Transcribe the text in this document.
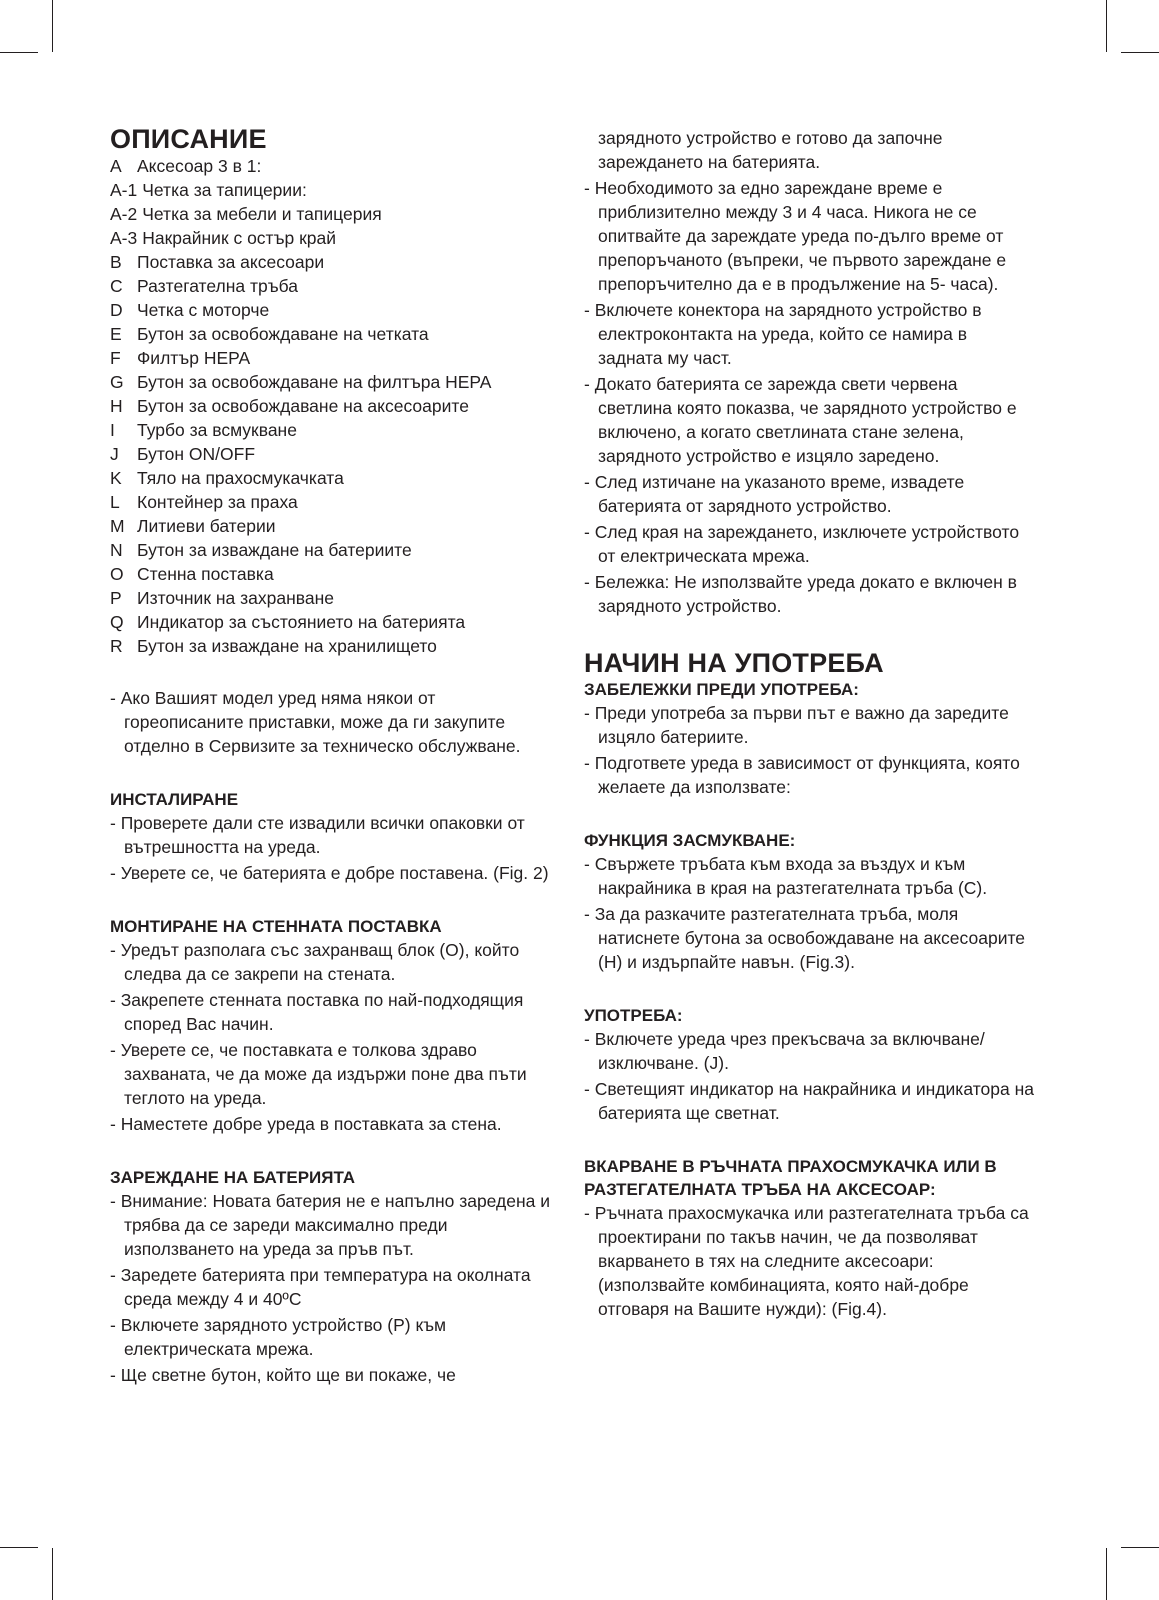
ОПИСАНИЕ
A Аксесоар 3 в 1:
A-1 Четка за тапицерии:
A-2 Четка за мебели и тапицерия
A-3 Накрайник с остър край
B Поставка за аксесоари
C Разтегателна тръба
D Четка с моторче
E Бутон за освобождаване на четката
F Филтър HEPA
G Бутон за освобождаване на филтъра HEPA
H Бутон за освобождаване на аксесоарите
I	Турбо за всмукване
J	Бутон ON/OFF
K Тяло на прахосмукачката
L Контейнер за праха
M Литиеви батерии
N Бутон за изваждане на батериите
O Стенна поставка
P Източник на захранване
Q Индикатор за състоянието на батерията
R Бутон за изваждане на хранилището

- Ако Вашият модел уред няма някои от гореописаните приставки, може да ги закупите отделно в Сервизите за техническо обслужване.

ИНСТАЛИРАНЕ

- Проверете дали сте извадили всички опаковки от вътрешността на уреда.

- Уверете се, че батерията е добре поставена. (Fig. 2)

МОНТИРАНЕ НА СТЕННАТА ПОСТАВКА

- Уредът разполага със захранващ блок (O), който следва да се закрепи на стената.

- Закрепете стенната поставка по най-подходящия според Вас начин.

- Уверете се, че поставката е толкова здраво захваната, че да може да издържи поне два пъти теглото на уреда.

- Наместете добре уреда в поставката за стена.

ЗАРЕЖДАНЕ НА БАТЕРИЯТА

- Внимание: Новата батерия не е напълно заредена и трябва да се зареди максимално преди използването на уреда за пръв път.

- Заредете батерията при температура на околната среда между 4 и 40ºC

- Включете зарядното устройство (P) към електрическата мрежа.

- Ще светне бутон, който ще ви покаже, че

зарядното устройство е готово да започне зареждането на батерията.

- Необходимото за едно зареждане време е приблизително между 3 и 4 часа. Никога не се опитвайте да зареждате уреда по-дълго време от препоръчаното (въпреки, че първото зареждане е препоръчително да е в продължение на 5- часа).

- Включете конектора на зарядното устройство в електроконтакта на уреда, който се намира в задната му част.

- Докато батерията се зарежда свети червена светлина която показва, че зарядното устройство е включено, а когато светлината стане зелена, зарядното устройство е изцяло заредено.

- След изтичане на указаното време, извадете батерията от зарядното устройство.

- След края на зареждането, изключете устройството от електрическата мрежа.

- Бележка: Не използвайте уреда докато е включен в зарядното устройство.

НАЧИН НА УПОТРЕБА
ЗАБЕЛЕЖКИ ПРЕДИ УПОТРЕБА:

- Преди употреба за първи път е важно да заредите изцяло батериите.

- Подгответе уреда в зависимост от функцията, която желаете да използвате:

ФУНКЦИЯ ЗАСМУКВАНЕ:

- Свържете тръбата към входа за въздух и към накрайника в края на разтегателната тръба (C).

- За да разкачите разтегателната тръба, моля натиснете бутона за освобождаване на аксесоарите (H) и издърпайте навън. (Fig.3).

УПОТРЕБА:

- Включете уреда чрез прекъсвача за включване/изключване. (J).

- Светещият индикатор на накрайника и индикатора на батерията ще светнат.

ВКАРВАНЕ В РЪЧНАТА ПРАХОСМУКАЧКА ИЛИ В РАЗТЕГАТЕЛНАТА ТРЪБА НА АКСЕСОАР:

- Ръчната прахосмукачка или разтегателната тръба са проектирани по такъв начин, че да позволяват вкарването в тях на следните аксесоари: (използвайте комбинацията, която най-добре отговаря на Вашите нужди): (Fig.4).
